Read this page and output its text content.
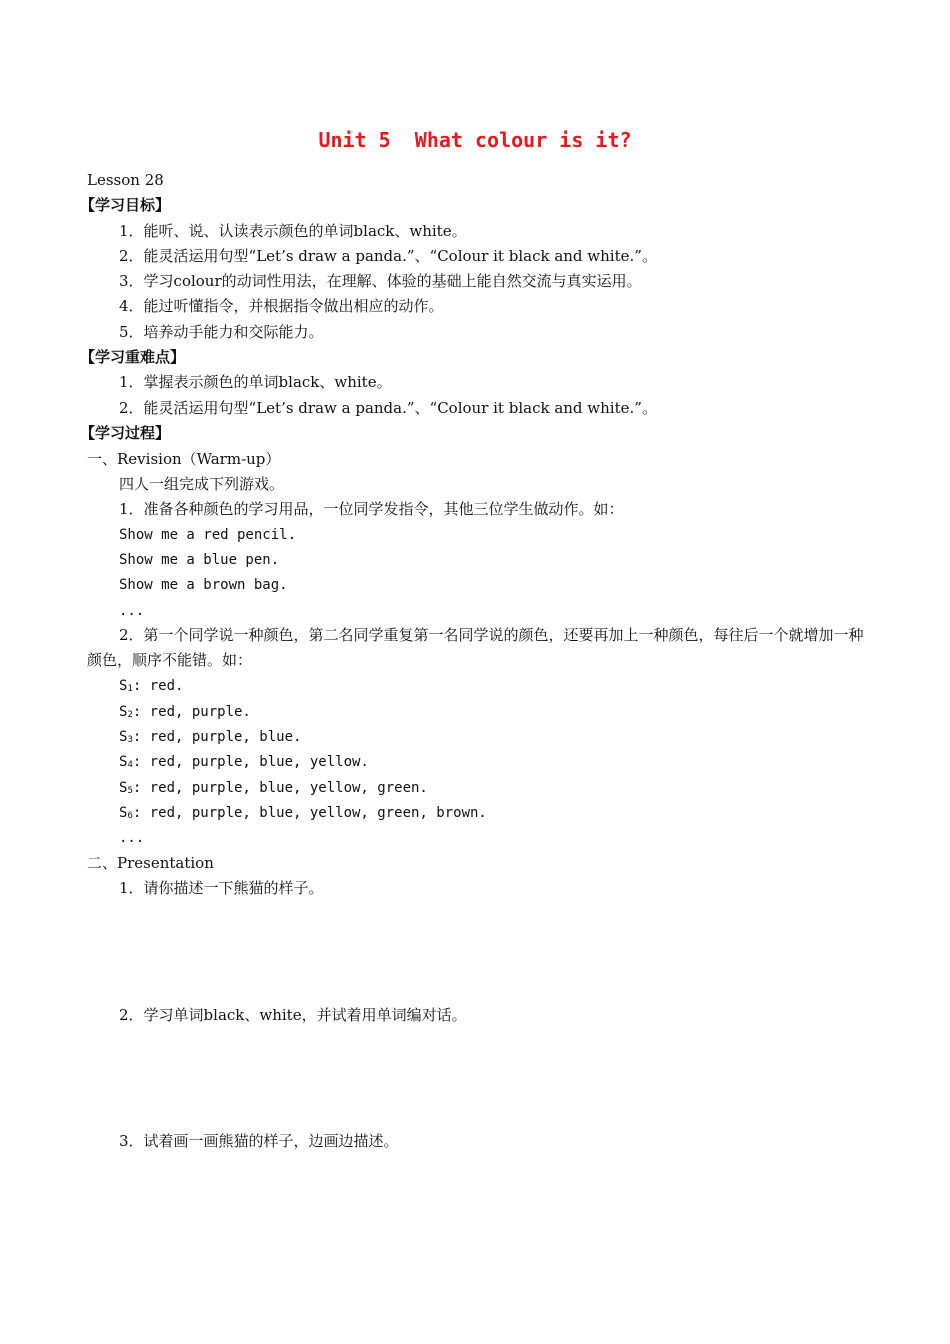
Unit 5  What colour is it?
Lesson 28
【学习目标】
1．能听、说、认读表示颜色的单词black、white。
2．能灵活运用句型“Let’s draw a panda.”、“Colour it black and white.”。
3．学习colour的动词性用法，在理解、体验的基础上能自然交流与真实运用。
4．能过听懂指令，并根据指令做出相应的动作。
5．培养动手能力和交际能力。
【学习重难点】
1．掌握表示颜色的单词black、white。
2．能灵活运用句型“Let’s draw a panda.”、“Colour it black and white.”。
【学习过程】
一、Revision（Warm-up）
四人一组完成下列游戏。
1．准备各种颜色的学习用品，一位同学发指令，其他三位学生做动作。如：
Show me a red pencil.
Show me a blue pen.
Show me a brown bag.
...
2．第一个同学说一种颜色，第二名同学重复第一名同学说的颜色，还要再加上一种颜色，每往后一个就增加一种颜色，顺序不能错。如：
$S_1$: red.
$S_2$: red, purple.
$S_3$: red, purple, blue.
$S_4$: red, purple, blue, yellow.
$S_5$: red, purple, blue, yellow, green.
$S_6$: red, purple, blue, yellow, green, brown.
...
二、Presentation
1．请你描述一下熊猫的样子。
2．学习单词black、white，并试着用单词编对话。
3．试着画一画熊猫的样子，边画边描述。
